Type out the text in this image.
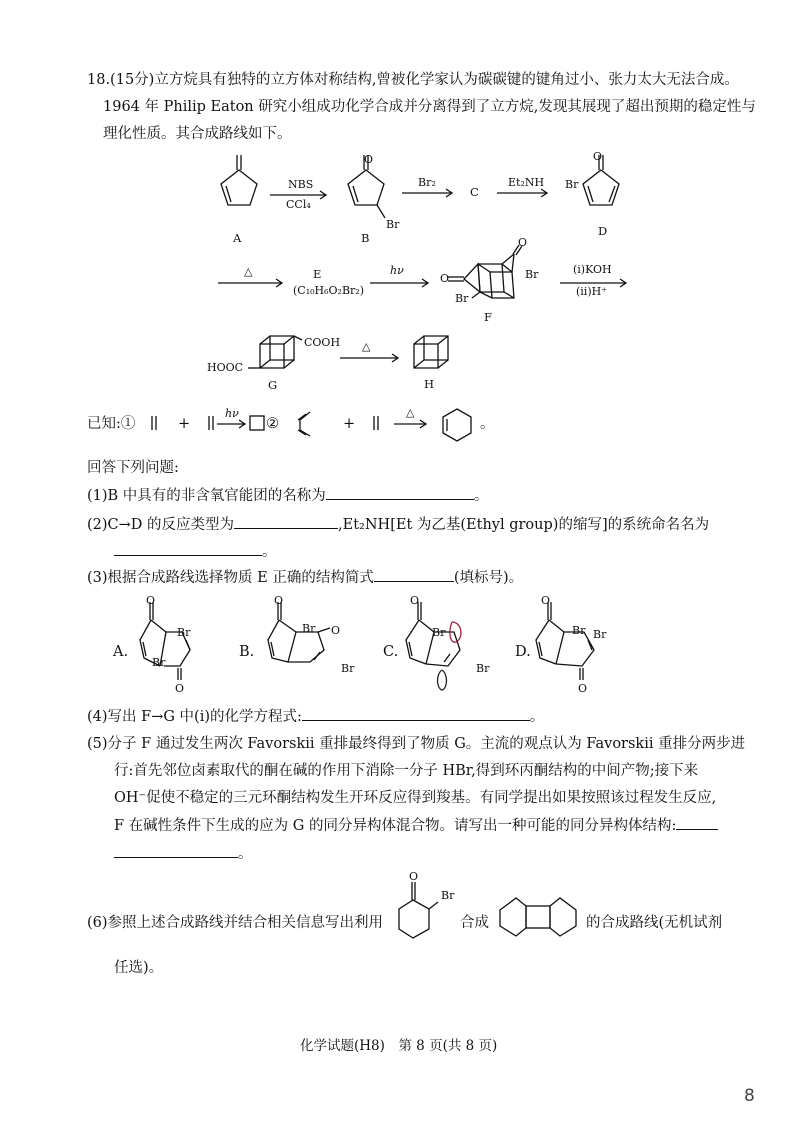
18.(15分)立方烷具有独特的立方体对称结构,曾被化学家认为碳碳键的键角过小、张力太大无法合成。
1964 年 Philip Eaton 研究小组成功化学合成并分离得到了立方烷,发现其展现了超出预期的稳定性与
理化性质。其合成路线如下。
A
NBS
CCl₄
O
Br
B
Br₂
C
Et₂NH
O
Br
D
△	E
(C₁₀H₆O₂Br₂)
hν
O
O
Br
Br
F
(ⅰ)KOH
(ⅱ)H⁺
COOH
HOOC
G
△
H
已知:①	+
hν
②	+
△
。
回答下列问题:
(1)B 中具有的非含氧官能团的名称为	。
(2)C→D 的反应类型为	,Et₂NH[Et 为乙基(Ethyl group)的缩写]的系统命名名为
。
(3)根据合成路线选择物质 E 正确的结构简式	(填标号)。
A.
O
Br
Br
O
B.
O
Br O
Br
C.
O
Br
Br
D.
O
Br Br
O
(4)写出 F→G 中(ⅰ)的化学方程式:	。
(5)分子 F 通过发生两次 Favorskii 重排最终得到了物质 G。主流的观点认为 Favorskii 重排分两步进
行:首先邻位卤素取代的酮在碱的作用下消除一分子 HBr,得到环丙酮结构的中间产物;接下来
OH⁻促使不稳定的三元环酮结构发生开环反应得到羧基。有同学提出如果按照该过程发生反应,
F 在碱性条件下生成的应为 G 的同分异构体混合物。请写出一种可能的同分异构体结构:
。
(6)参照上述合成路线并结合相关信息写出利用
O
Br
合成	的合成路线(无机试剂
任选)。
化学试题(H8)　第 8 页(共 8 页)
8
